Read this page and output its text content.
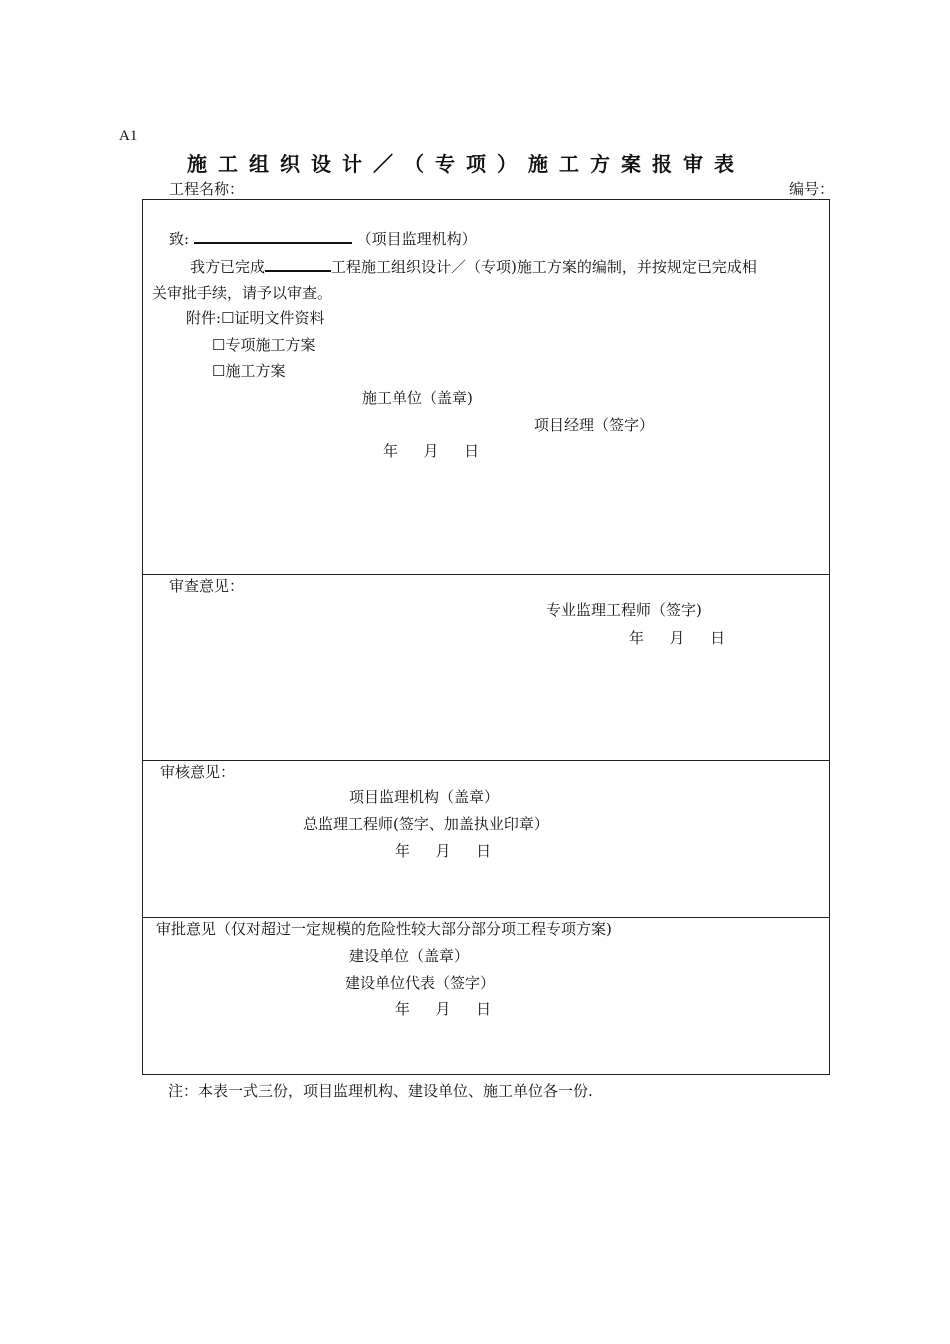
A1
施工组织设计／（专项）施工方案报审表
工程名称：	编号：
致:	（项目监理机构）
我方已完成	工程施工组织设计／（专项)施工方案的编制，并按规定已完成相
关审批手续，请予以审查。
附件:☐证明文件资料
☐专项施工方案
☐施工方案
施工单位（盖章)
项目经理（签字）
年  月  日
审查意见：
专业监理工程师（签字)
年  月  日
审核意见：
项目监理机构（盖章）
总监理工程师(签字、加盖执业印章）
年  月  日
审批意见（仅对超过一定规模的危险性较大部分部分项工程专项方案)
建设单位（盖章）
建设单位代表（签字）
年  月  日
注：本表一式三份，项目监理机构、建设单位、施工单位各一份.
